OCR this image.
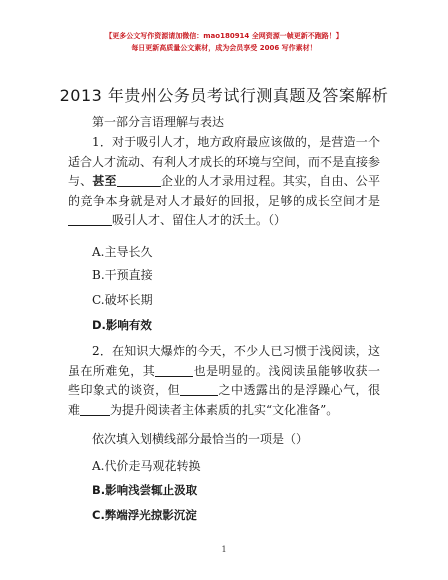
【更多公文写作资源请加微信：mao180914 全网资源一帧更新不跑路！】
每日更新高质量公文素材，成为会员享受 2006 写作素材！
2013 年贵州公务员考试行测真题及答案解析
第一部分言语理解与表达
1．对于吸引人才，地方政府最应该做的，是营造一个适合人才流动、有利人才成长的环境与空间，而不是直接参与、甚至	企业的人才录用过程。其实，自由、公平的竞争本身就是对人才最好的回报，足够的成长空间才是吸引人才、留住人才的沃土。（）
A.主导长久
B.干预直接
C.破坏长期
D.影响有效
2．在知识大爆炸的今天，不少人已习惯于浅阅读，这虽在所难免，其	也是明显的。浅阅读虽能够收获一些印象式的谈资，但	之中透露出的是浮躁心气，很难	为提升阅读者主体素质的扎实“文化准备”。
依次填入划横线部分最恰当的一项是（）
A.代价走马观花转换
B.影响浅尝辄止汲取
C.弊端浮光掠影沉淀
1
